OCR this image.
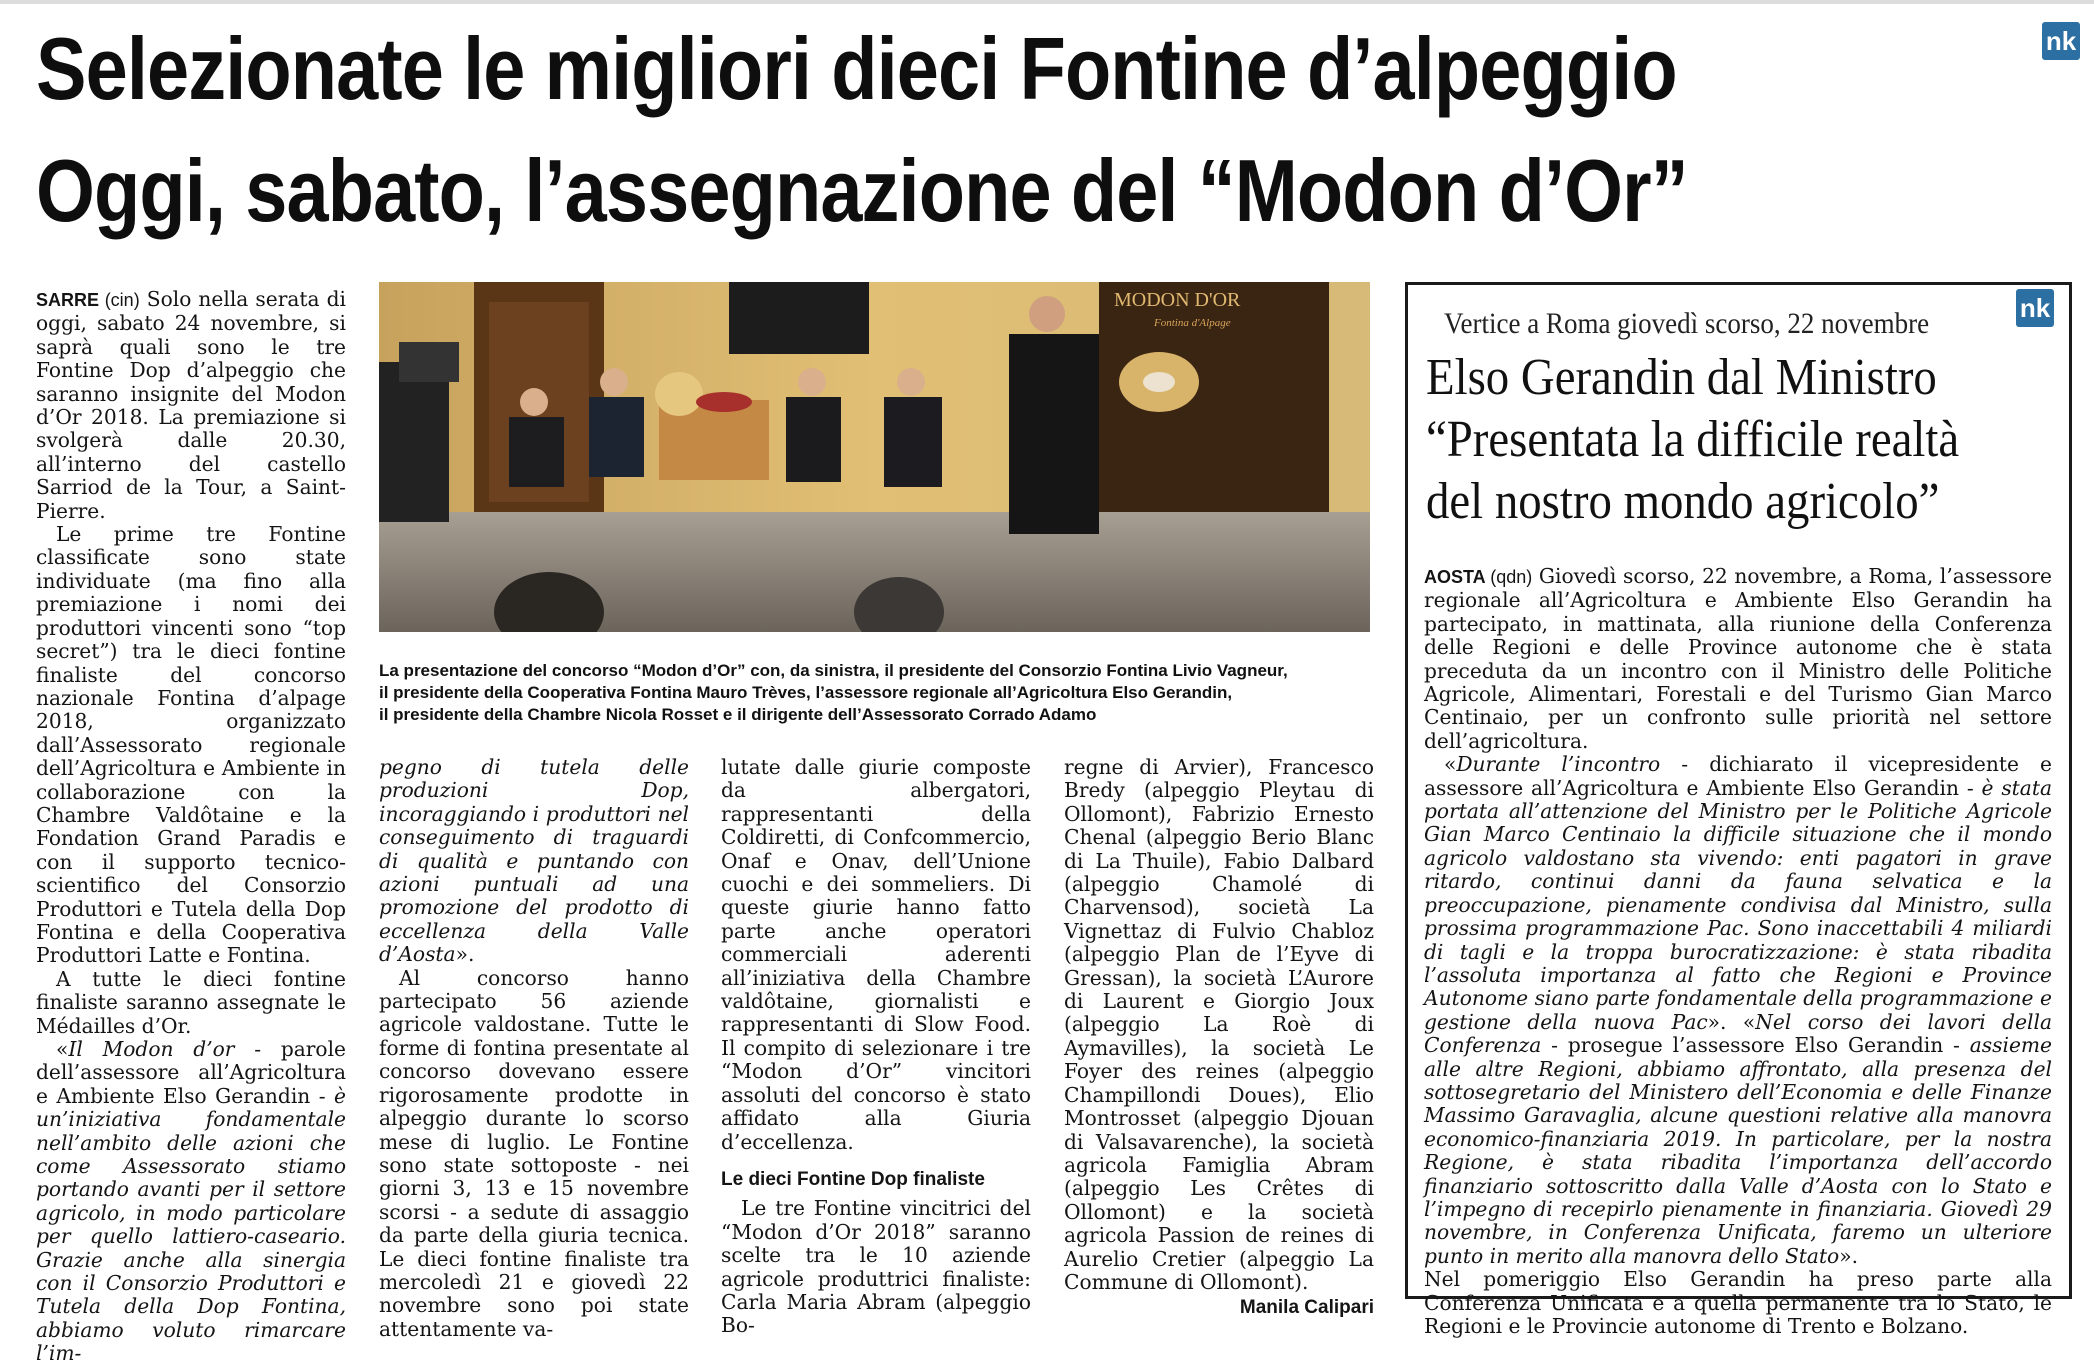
Selezionate le migliori dieci Fontine d’alpeggio
Oggi, sabato, l’assegnazione del “Modon d’Or”
nk

SARRE (cin) Solo nella serata di oggi, sabato 24 novembre, si saprà quali sono le tre Fontine Dop d’alpeggio che saranno insignite del Modon d’Or 2018. La premiazione si svolgerà dalle 20.30, all’interno del castello Sarriod de la Tour, a Saint-Pierre.

Le prime tre Fontine classificate sono state individuate (ma fino alla premiazione i nomi dei produttori vincenti sono “top secret”) tra le dieci fontine finaliste del concorso nazionale Fontina d’alpage 2018, organizzato dall’Assessorato regionale dell’Agricoltura e Ambiente in collaborazione con la Chambre Valdôtaine e la Fondation Grand Paradis e con il supporto tecnico-scientifico del Consorzio Produttori e Tutela della Dop Fontina e della Cooperativa Produttori Latte e Fontina.

A tutte le dieci fontine finaliste saranno assegnate le Médailles d’Or.

«Il Modon d’or - parole dell’assessore all’Agricoltura e Ambiente Elso Gerandin - è un’iniziativa fondamentale nell’ambito delle azioni che come Assessorato stiamo portando avanti per il settore agricolo, in modo particolare per quello lattiero-caseario. Grazie anche alla sinergia con il Consorzio Produttori e Tutela della Dop Fontina, abbiamo voluto rimarcare l’im-

MODON D'OR
Fontina d'Alpage
La presentazione del concorso “Modon d’Or” con, da sinistra, il presidente del Consorzio Fontina Livio Vagneur,
il presidente della Cooperativa Fontina Mauro Trèves, l’assessore regionale all’Agricoltura Elso Gerandin,
il presidente della Chambre Nicola Rosset e il dirigente dell’Assessorato Corrado Adamo

pegno di tutela delle produzioni Dop, incoraggiando i produttori nel conseguimento di traguardi di qualità e puntando con azioni puntuali ad una promozione del prodotto di eccellenza della Valle d’Aosta».

Al concorso hanno partecipato 56 aziende agricole valdostane. Tutte le forme di fontina presentate al concorso dovevano essere rigorosamente prodotte in alpeggio durante lo scorso mese di luglio. Le Fontine sono state sottoposte - nei giorni 3, 13 e 15 novembre scorsi - a sedute di assaggio da parte della giuria tecnica. Le dieci fontine finaliste tra mercoledì 21 e giovedì 22 novembre sono poi state attentamente va-

lutate dalle giurie composte da albergatori, rappresentanti della Coldiretti, di Confcommercio, Onaf e Onav, dell’Unione cuochi e dei sommeliers. Di queste giurie hanno fatto parte anche operatori commerciali aderenti all’iniziativa della Chambre valdôtaine, giornalisti e rappresentanti di Slow Food. Il compito di selezionare i tre “Modon d’Or” vincitori assoluti del concorso è stato affidato alla Giuria d’eccellenza.

Le dieci Fontine Dop finaliste

Le tre Fontine vincitrici del “Modon d’Or 2018” saranno scelte tra le 10 aziende agricole produttrici finaliste: Carla Maria Abram (alpeggio Bo-

regne di Arvier), Francesco Bredy (alpeggio Pleytau di Ollomont), Fabrizio Ernesto Chenal (alpeggio Berio Blanc di La Thuile), Fabio Dalbard (alpeggio Chamolé di Charvensod), società La Vignettaz di Fulvio Chabloz (alpeggio Plan de l’Eyve di Gressan), la società L’Aurore di Laurent e Giorgio Joux (alpeggio La Roè di Aymavilles), la società Le Foyer des reines (alpeggio Champillondi Doues), Elio Montrosset (alpeggio Djouan di Valsavarenche), la società agricola Famiglia Abram (alpeggio Les Crêtes di Ollomont) e la società agricola Passion de reines di Aurelio Cretier (alpeggio La Commune di Ollomont).

Manila Calipari
nk
Vertice a Roma giovedì scorso, 22 novembre
Elso Gerandin dal Ministro
“Presentata la difficile realtà
del nostro mondo agricolo”

AOSTA (qdn) Giovedì scorso, 22 novembre, a Roma, l’assessore regionale all’Agricoltura e Ambiente Elso Gerandin ha partecipato, in mattinata, alla riunione della Conferenza delle Regioni e delle Province autonome che è stata preceduta da un incontro con il Ministro delle Politiche Agricole, Alimentari, Forestali e del Turismo Gian Marco Centinaio, per un confronto sulle priorità nel settore dell’agricoltura.

«Durante l’incontro - dichiarato il vicepresidente e assessore all’Agricoltura e Ambiente Elso Gerandin - è stata portata all’attenzione del Ministro per le Politiche Agricole Gian Marco Centinaio la difficile situazione che il mondo agricolo valdostano sta vivendo: enti pagatori in grave ritardo, continui danni da fauna selvatica e la preoccupazione, pienamente condivisa dal Ministro, sulla prossima programmazione Pac. Sono inaccettabili 4 miliardi di tagli e la troppa burocratizzazione: è stata ribadita l’assoluta importanza al fatto che Regioni e Province Autonome siano parte fondamentale della programmazione e gestione della nuova Pac». «Nel corso dei lavori della Conferenza - prosegue l’assessore Elso Gerandin - assieme alle altre Regioni, abbiamo affrontato, alla presenza del sottosegretario del Ministero dell’Economia e delle Finanze Massimo Garavaglia, alcune questioni relative alla manovra economico-finanziaria 2019. In particolare, per la nostra Regione, è stata ribadita l’importanza dell’accordo finanziario sottoscritto dalla Valle d’Aosta con lo Stato e l’impegno di recepirlo pienamente in finanziaria. Giovedì 29 novembre, in Conferenza Unificata, faremo un ulteriore punto in merito alla manovra dello Stato».

Nel pomeriggio Elso Gerandin ha preso parte alla Conferenza Unificata e a quella permanente tra lo Stato, le Regioni e le Provincie autonome di Trento e Bolzano.
